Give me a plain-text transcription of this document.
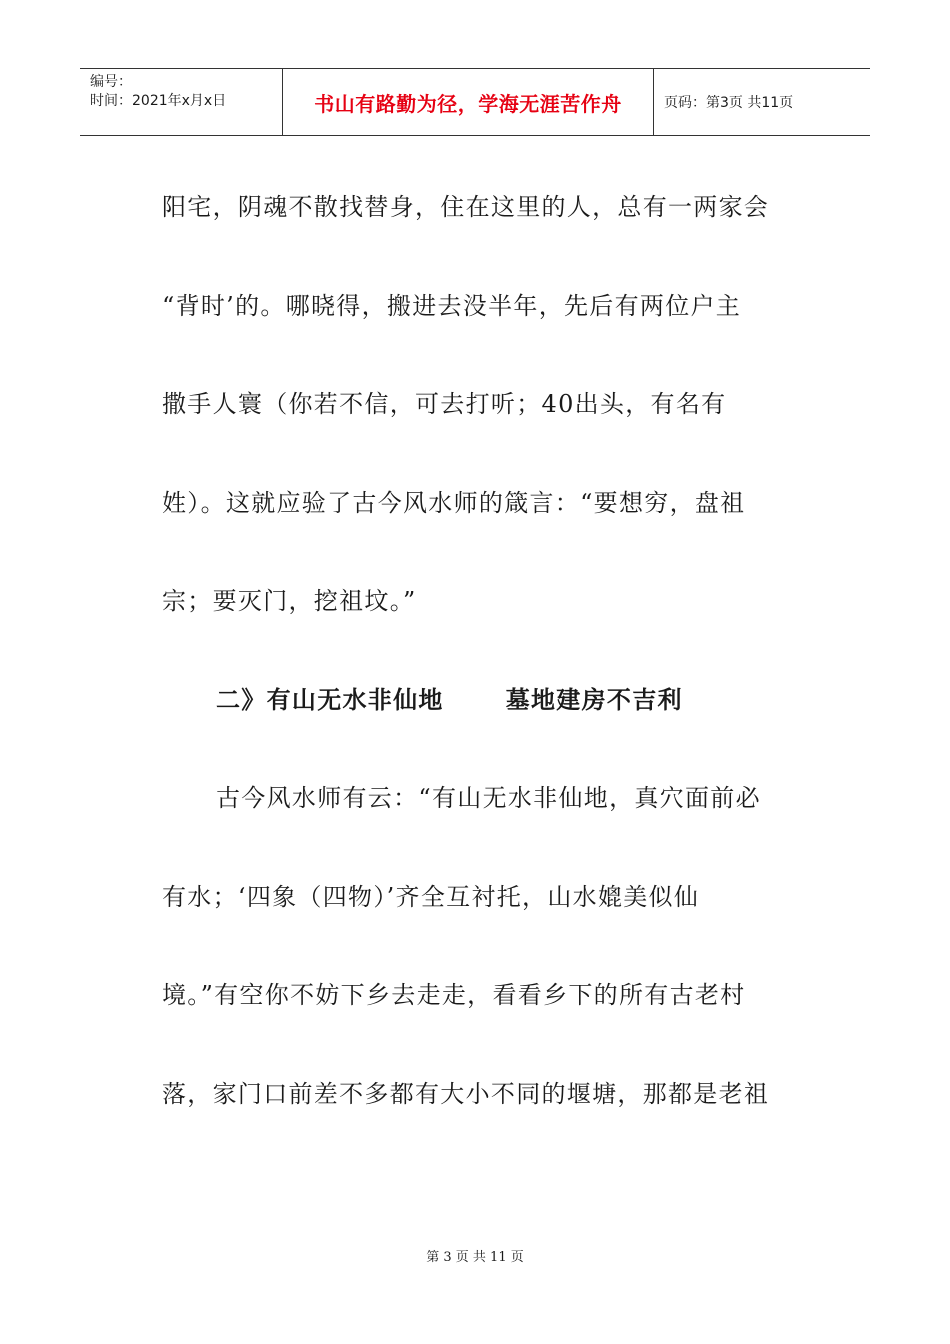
编号：
时间：2021年x月x日	书山有路勤为径，学海无涯苦作舟	页码：第3页 共11页
阳宅，阴魂不散找替身，住在这里的人，总有一两家会
“背时’的。哪晓得，搬进去没半年，先后有两位户主
撒手人寰（你若不信，可去打听；40出头，有名有
姓）。这就应验了古今风水师的箴言：“要想穷，盘祖
宗；要灭门，挖祖坟。”
二》有山无水非仙地	墓地建房不吉利
古今风水师有云：“有山无水非仙地，真穴面前必
有水；‘四象（四物）’齐全互衬托，山水媲美似仙
境。”有空你不妨下乡去走走，看看乡下的所有古老村
落，家门口前差不多都有大小不同的堰塘，那都是老祖
第 3 页 共 11 页
